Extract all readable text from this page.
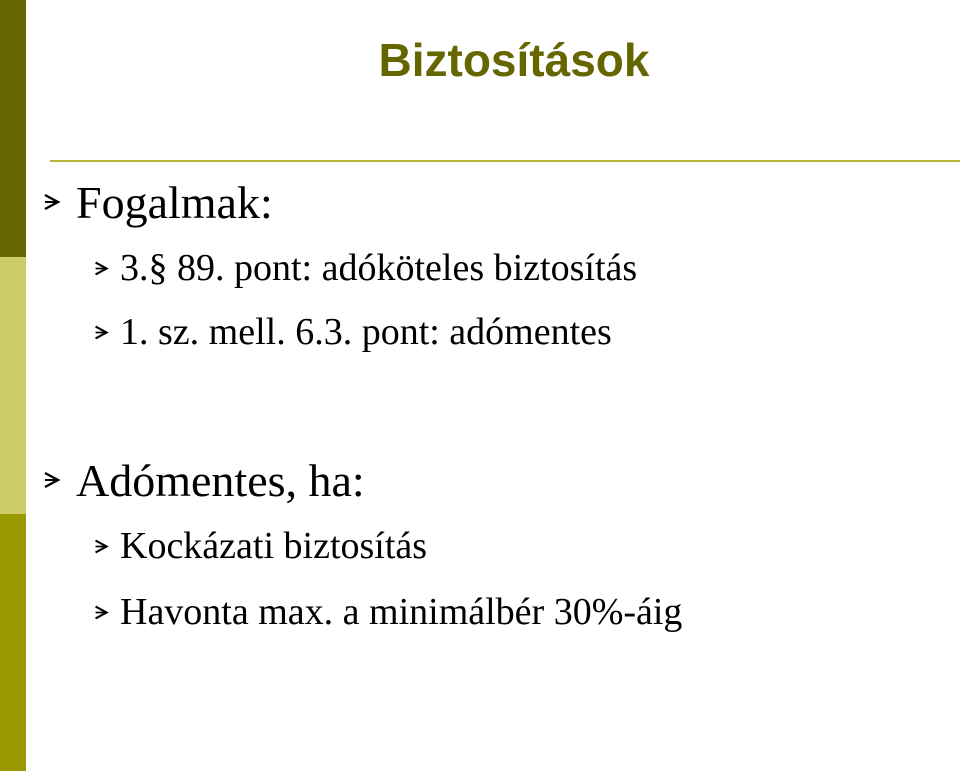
Biztosítások
Fogalmak:
3.§ 89. pont: adóköteles biztosítás
1. sz. mell. 6.3. pont: adómentes
Adómentes, ha:
Kockázati biztosítás
Havonta max. a minimálbér 30%-áig
